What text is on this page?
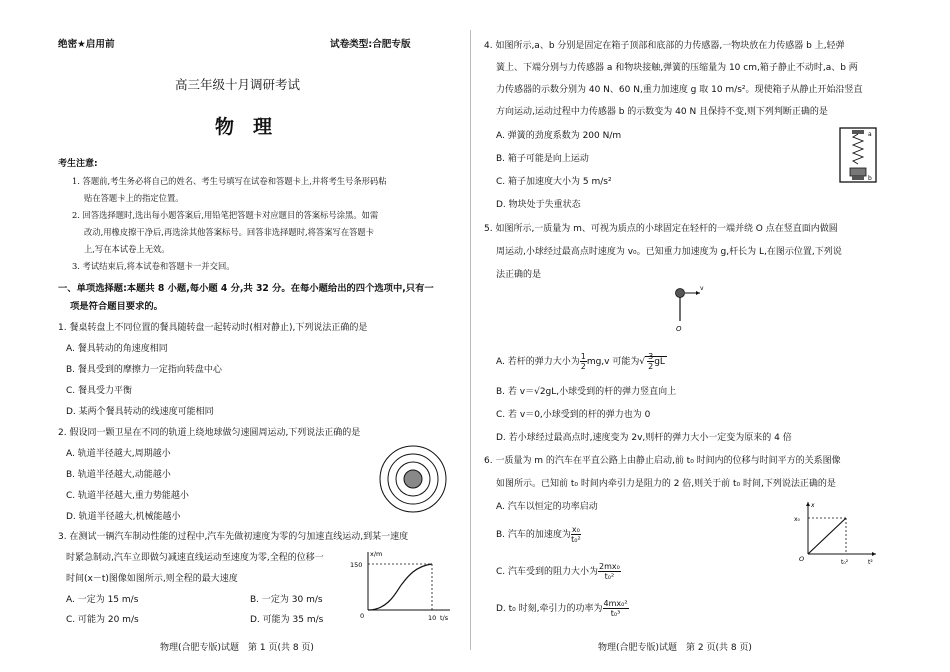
绝密★启用前	试卷类型:合肥专版
高三年级十月调研考试
物　理
考生注意:
1. 答题前,考生务必将自己的姓名、考生号填写在试卷和答题卡上,并将考生号条形码粘
贴在答题卡上的指定位置。
2. 回答选择题时,选出每小题答案后,用铅笔把答题卡对应题目的答案标号涂黑。如需
改动,用橡皮擦干净后,再选涂其他答案标号。回答非选择题时,将答案写在答题卡
上,写在本试卷上无效。
3. 考试结束后,将本试卷和答题卡一并交回。
一、单项选择题:本题共 8 小题,每小题 4 分,共 32 分。在每小题给出的四个选项中,只有一
项是符合题目要求的。
1. 餐桌转盘上不同位置的餐具随转盘一起转动时(相对静止),下列说法正确的是
A. 餐具转动的角速度相同
B. 餐具受到的摩擦力一定指向转盘中心
C. 餐具受力平衡
D. 某两个餐具转动的线速度可能相同
2. 假设同一颗卫星在不同的轨道上绕地球做匀速圆周运动,下列说法正确的是
A. 轨道半径越大,周期越小
B. 轨道半径越大,动能越小
C. 轨道半径越大,重力势能越小
D. 轨道半径越大,机械能越小
3. 在测试一辆汽车制动性能的过程中,汽车先做初速度为零的匀加速直线运动,到某一速度
时紧急制动,汽车立即做匀减速直线运动至速度为零,全程的位移一
时间(x－t)图像如图所示,则全程的最大速度
A. 一定为 15 m/s	B. 一定为 30 m/s
C. 可能为 20 m/s	D. 可能为 35 m/s
x/m
150
0	10 t/s
物理(合肥专版)试题　第 1 页(共 8 页)
4. 如图所示,a、b 分别是固定在箱子顶部和底部的力传感器,一物块放在力传感器 b 上,轻弹
簧上、下端分别与力传感器 a 和物块接触,弹簧的压缩量为 10 cm,箱子静止不动时,a、b 两
力传感器的示数分别为 40 N、60 N,重力加速度 g 取 10 m/s²。现使箱子从静止开始沿竖直
方向运动,运动过程中力传感器 b 的示数变为 40 N 且保持不变,则下列判断正确的是
A. 弹簧的劲度系数为 200 N/m
B. 箱子可能是向上运动
C. 箱子加速度大小为 5 m/s²
D. 物块处于失重状态
a
b
5. 如图所示,一质量为 m、可视为质点的小球固定在轻杆的一端并绕 O 点在竖直面内做圆
周运动,小球经过最高点时速度为 v₀。已知重力加速度为 g,杆长为 L,在图示位置,下列说
法正确的是
v
O
A. 若杆的弹力大小为 $\frac{1}{2} mg,v$ 可能为√ $\frac{3}{2}$ gL
B. 若 v＝√2gL,小球受到的杆的弹力竖直向上
C. 若 v＝0,小球受到的杆的弹力也为 0
D. 若小球经过最高点时,速度变为 2v,则杆的弹力大小一定变为原来的 4 倍
6. 一质量为 m 的汽车在平直公路上由静止启动,前 t₀ 时间内的位移与时间平方的关系图像
如图所示。已知前 t₀ 时间内牵引力是阻力的 2 倍,则关于前 t₀ 时间,下列说法正确的是
A. 汽车以恒定的功率启动
B. 汽车的加速度为 $\frac{\text{x₀}}{\text{t₀²}}$
C. 汽车受到的阻力大小为 $\frac{\text{2mx₀}}{\text{t₀²}}$
D. t₀ 时刻,牵引力的功率为 $\frac{\text{4mx₀²}}{\text{t₀³}}$
x
x₀
O	t₀²	t²
物理(合肥专版)试题　第 2 页(共 8 页)
